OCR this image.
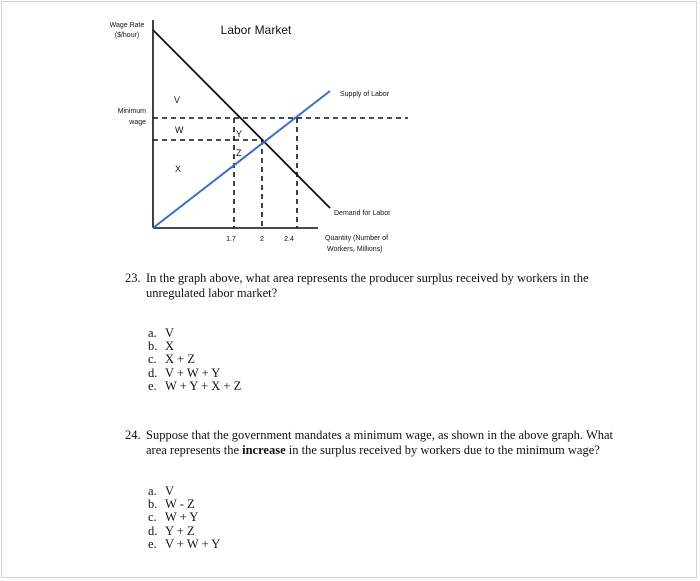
Wage Rate
($/hour)	Labor Market
Minimum
wage
Supply of Labor
Demand for Labor
V
W
X
Y
Z
1.7	2	2.4	Quantity (Number of
Workers, Millions)
23. In the graph above, what area represents the producer surplus received by workers in the unregulated labor market?
a. V
b. X
c. X + Z
d. V + W + Y
e. W + Y + X + Z
24. Suppose that the government mandates a minimum wage, as shown in the above graph. What area represents the increase in the surplus received by workers due to the minimum wage?
a. V
b. W - Z
c. W + Y
d. Y + Z
e. V + W + Y
